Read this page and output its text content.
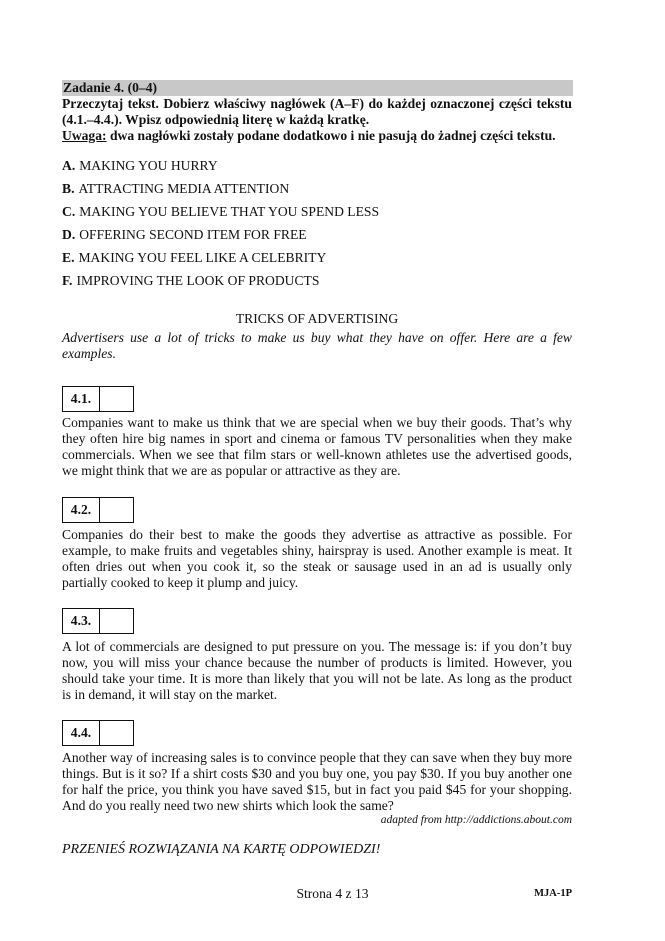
Zadanie 4. (0–4)
Przeczytaj tekst. Dobierz właściwy nagłówek (A–F) do każdej oznaczonej części tekstu (4.1.–4.4.). Wpisz odpowiednią literę w każdą kratkę.
Uwaga: dwa nagłówki zostały podane dodatkowo i nie pasują do żadnej części tekstu.
A. MAKING YOU HURRY
B. ATTRACTING MEDIA ATTENTION
C. MAKING YOU BELIEVE THAT YOU SPEND LESS
D. OFFERING SECOND ITEM FOR FREE
E. MAKING YOU FEEL LIKE A CELEBRITY
F. IMPROVING THE LOOK OF PRODUCTS
TRICKS OF ADVERTISING
Advertisers use a lot of tricks to make us buy what they have on offer. Here are a few examples.
4.1.
Companies want to make us think that we are special when we buy their goods. That’s why they often hire big names in sport and cinema or famous TV personalities when they make commercials. When we see that film stars or well-known athletes use the advertised goods, we might think that we are as popular or attractive as they are.
4.2.
Companies do their best to make the goods they advertise as attractive as possible. For example, to make fruits and vegetables shiny, hairspray is used. Another example is meat. It often dries out when you cook it, so the steak or sausage used in an ad is usually only partially cooked to keep it plump and juicy.
4.3.
A lot of commercials are designed to put pressure on you. The message is: if you don’t buy now, you will miss your chance because the number of products is limited. However, you should take your time. It is more than likely that you will not be late. As long as the product is in demand, it will stay on the market.
4.4.
Another way of increasing sales is to convince people that they can save when they buy more things. But is it so? If a shirt costs $30 and you buy one, you pay $30. If you buy another one for half the price, you think you have saved $15, but in fact you paid $45 for your shopping. And do you really need two new shirts which look the same?
adapted from http://addictions.about.com
PRZENIEŚ ROZWIĄZANIA NA KARTĘ ODPOWIEDZI!
Strona 4 z 13	MJA-1P
